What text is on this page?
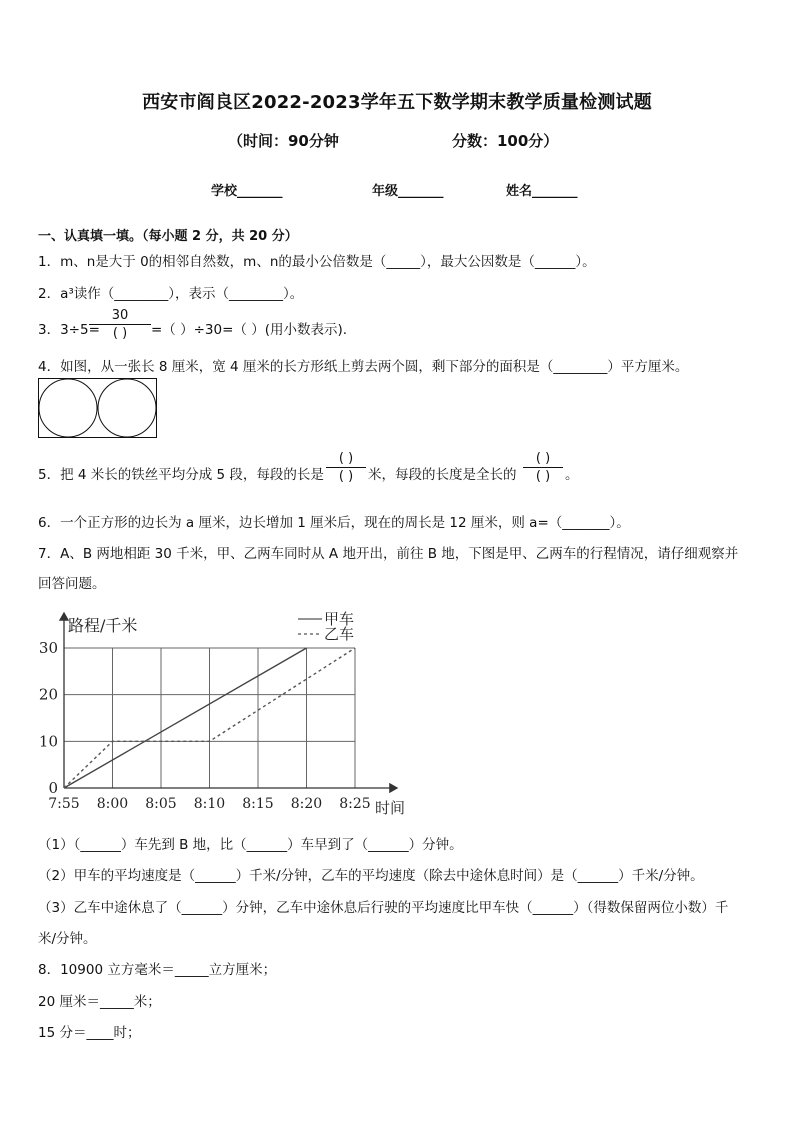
西安市阎良区2022-2023学年五下数学期末教学质量检测试题
（时间：90分钟	分数：100分）
学校_______	年级_______	姓名_______
一、认真填一填。（每小题 2 分，共 20 分）
1．m、n是大于 0的相邻自然数，m、n的最小公倍数是（_____），最大公因数是（______）。
2．a³读作（________），表示（________）。
3．3÷5=
30
( )	=（ ）÷30=（ ）(用小数表示).
4．如图，从一张长 8 厘米，宽 4 厘米的长方形纸上剪去两个圆，剩下部分的面积是（________）平方厘米。
5．把 4 米长的铁丝平均分成 5 段，每段的长是
( )
( )	米，每段的长度是全长的
( )
( )	。
6．一个正方形的边长为 a 厘米，边长增加 1 厘米后，现在的周长是 12 厘米，则 a=（_______）。
7．A、B 两地相距 30 千米，甲、乙两车同时从 A 地开出，前往 B 地，下图是甲、乙两车的行程情况，请仔细观察并
回答问题。
0
10
20
30
7:55 8:00 8:05 8:10 8:15 8:20 8:25
路程/千米
时间
甲车
乙车
（1）（______）车先到 B 地，比（______）车早到了（______）分钟。
（2）甲车的平均速度是（______）千米/分钟，乙车的平均速度（除去中途休息时间）是（______）千米/分钟。
（3）乙车中途休息了（______）分钟，乙车中途休息后行驶的平均速度比甲车快（______）（得数保留两位小数）千
米/分钟。
8．10900 立方毫米＝_____立方厘米；
20 厘米＝_____米；
15 分＝____时；
